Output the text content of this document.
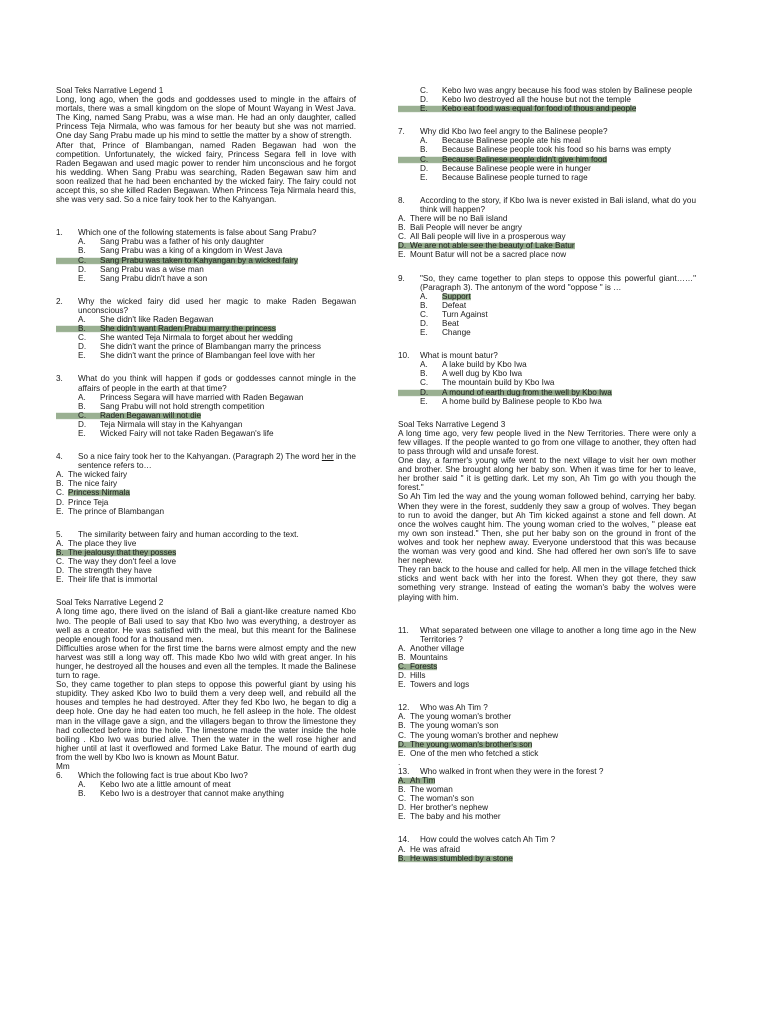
Soal Teks Narrative Legend 1

Long, long ago, when the gods and goddesses used to mingle in the affairs of mortals, there was a small kingdom on the slope of Mount Wayang in West Java. The King, named Sang Prabu, was a wise man. He had an only daughter, called Princess Teja Nirmala, who was famous for her beauty but she was not married. One day Sang Prabu made up his mind to settle the matter by a show of strength.

After that, Prince of Blambangan, named Raden Begawan had won the competition. Unfortunately, the wicked fairy, Princess Segara fell in love with Raden Begawan and used magic power to render him unconscious and he forgot his wedding. When Sang Prabu was searching, Raden Begawan saw him and soon realized that he had been enchanted by the wicked fairy. The fairy could not accept this, so she killed Raden Begawan. When Princess Teja Nirmala heard this, she was very sad. So a nice fairy took her to the Kahyangan.

1.	Which one of the following statements is false about Sang Prabu?
A.	Sang Prabu was a father of his only daughter
B.	Sang Prabu was a king of a kingdom in West Java
C.	Sang Prabu was taken to Kahyangan by a wicked fairy
D.	Sang Prabu was a wise man
E.	Sang Prabu didn't have a son
2.	Why the wicked fairy did used her magic to make Raden Begawan unconscious?
A.	She didn't like Raden Begawan
B.	She didn't want Raden Prabu marry the princess
C.	She wanted Teja Nirmala to forget about her wedding
D.	She didn't want the prince of Blambangan marry the princess
E.	She didn't want the prince of Blambangan feel love with her
3.	What do you think will happen if gods or goddesses cannot mingle in the affairs of people in the earth at that time?
A.	Princess Segara will have married with Raden Begawan
B.	Sang Prabu will not hold strength competition
C.	Raden Begawan will not die
D.	Teja Nirmala will stay in the Kahyangan
E.	Wicked Fairy will not take Raden Begawan's life
4.	So a nice fairy took her to the Kahyangan. (Paragraph 2) The word her in the sentence refers to…
A. The wicked fairy
B. The nice fairy
C. Princess Nirmala
D. Prince Teja
E. The prince of Blambangan
5.	The similarity between fairy and human according to the text.
A. The place they live
B. The jealousy that they posses
C. The way they don't feel a love
D. The strength they have
E. Their life that is immortal

Soal Teks Narrative Legend 2

A long time ago, there lived on the island of Bali a giant-like creature named Kbo Iwo. The people of Bali used to say that Kbo Iwo was everything, a destroyer as well as a creator. He was satisfied with the meal, but this meant for the Balinese people enough food for a thousand men.

Difficulties arose when for the first time the barns were almost empty and the new harvest was still a long way off. This made Kbo Iwo wild with great anger. In his hunger, he destroyed all the houses and even all the temples. It made the Balinese turn to rage.

So, they came together to plan steps to oppose this powerful giant by using his stupidity. They asked Kbo Iwo to build them a very deep well, and rebuild all the houses and temples he had destroyed. After they fed Kbo Iwo, he began to dig a deep hole. One day he had eaten too much, he fell asleep in the hole. The oldest man in the village gave a sign, and the villagers began to throw the limestone they had collected before into the hole. The limestone made the water inside the hole boiling . Kbo Iwo was buried alive. Then the water in the well rose higher and higher until at last it overflowed and formed Lake Batur. The mound of earth dug from the well by Kbo Iwo is known as Mount Batur.

Mm

6.	Which the following fact is true about Kbo Iwo?
A.	Kebo Iwo ate a little amount of meat
B.	Kebo Iwo is a destroyer that cannot make anything
C.	Kebo Iwo was angry because his food was stolen by Balinese people
D.	Kebo Iwo destroyed all the house but not the temple
E.	Kebo eat food was equal for food of thous and people
7.	Why did Kbo Iwo feel angry to the Balinese people?
A.	Because Balinese people ate his meal
B.	Because Balinese people took his food so his barns was empty
C.	Because Balinese people didn't give him food
D.	Because Balinese people were in hunger
E.	Because Balinese people turned to rage
8.	According to the story, if Kbo Iwa is never existed in Bali island, what do you think will happen?
A. There will be no Bali island
B. Bali People will never be angry
C. All Bali people will live in a prosperous way
D. We are not able see the beauty of Lake Batur
E. Mount Batur will not be a sacred place now
9.	"So, they came together to plan steps to oppose this powerful giant……"(Paragraph 3). The antonym of the word "oppose " is …
A.	Support
B.	Defeat
C.	Turn Against
D.	Beat
E.	Change
10.	What is mount batur?
A.	A lake build by Kbo Iwa
B.	A well dug by Kbo Iwa
C.	The mountain build by Kbo Iwa
D.	A mound of earth dug from the well by Kbo Iwa
E.	A home build by Balinese people to Kbo Iwa

Soal Teks Narrative Legend 3

A long time ago, very few people lived in the New Territories. There were only a few villages. If the people wanted to go from one village to another, they often had to pass through wild and unsafe forest.

One day, a farmer's young wife went to the next village to visit her own mother and brother. She brought along her baby son. When it was time for her to leave, her brother said " it is getting dark. Let my son, Ah Tim go with you though the forest."

So Ah Tim led the way and the young woman followed behind, carrying her baby. When they were in the forest, suddenly they saw a group of wolves. They began to run to avoid the danger, but Ah Tim kicked against a stone and fell down. At once the wolves caught him. The young woman cried to the wolves, " please eat my own son instead." Then, she put her baby son on the ground in front of the wolves and took her nephew away. Everyone understood that this was because the woman was very good and kind. She had offered her own son's life to save her nephew.

They ran back to the house and called for help. All men in the village fetched thick sticks and went back with her into the forest. When they got there, they saw something very strange. Instead of eating the woman's baby the wolves were playing with him.

11.	What separated between one village to another a long time ago in the New Territories ?
A. Another village
B. Mountains
C. Forests
D. Hills
E. Towers and logs
12.	Who was Ah Tim ?
A. The young woman's brother
B. The young woman's son
C. The young woman's brother and nephew
D. The young woman's brother's son
E. One of the men who fetched a stick

.

13.	Who walked in front when they were in the forest ?
A. Ah Tim
B. The woman
C. The woman's son
D. Her brother's nephew
E. The baby and his mother
14.	How could the wolves catch Ah Tim ?
A. He was afraid
B. He was stumbled by a stone
